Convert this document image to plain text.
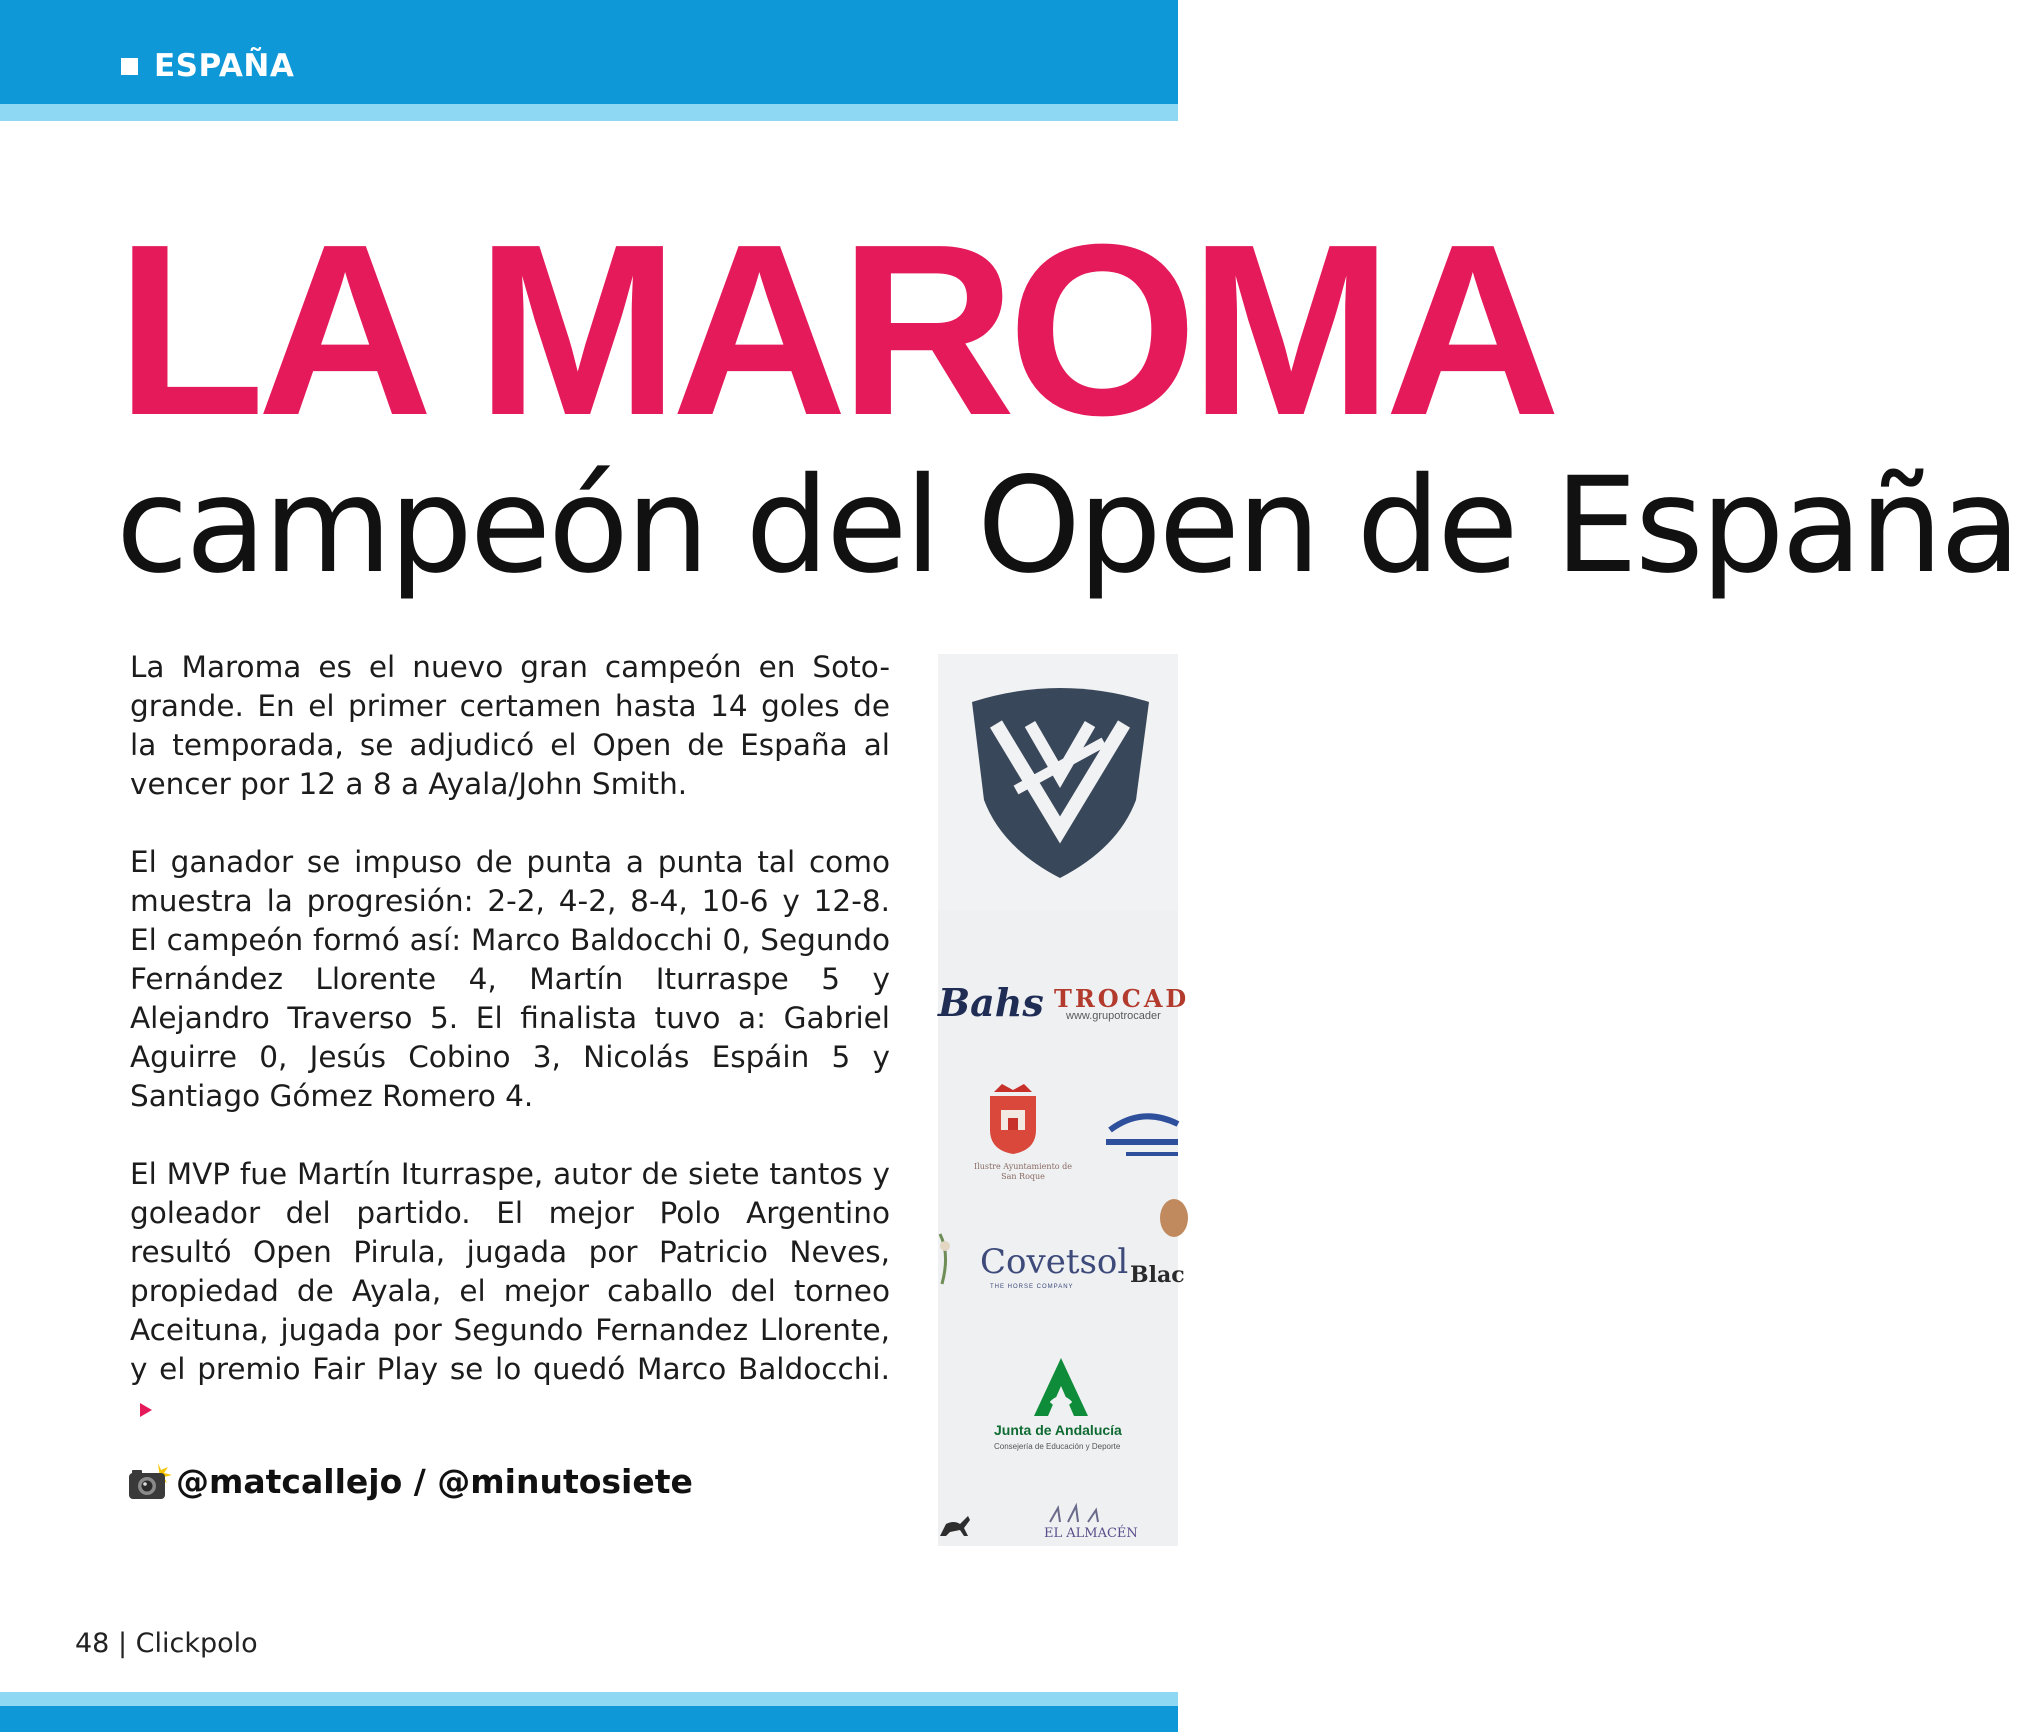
ESPAÑA
LA MAROMA
campeón del Open de España

La Maroma es el nuevo gran campeón en Soto-grande. En el primer certamen hasta 14 goles de la temporada, se adjudicó el Open de España al vencer por 12 a 8 a Ayala/John Smith.

El ganador se impuso de punta a punta tal como muestra la progresión: 2-2, 4-2, 8-4, 10-6 y 12-8. El campeón formó así: Marco Baldocchi 0, Segundo Fernández Llorente 4, Martín Iturraspe 5 y Alejandro Traverso 5. El finalista tuvo a: Gabriel Aguirre 0, Jesús Cobino 3, Nicolás Espáin 5 y Santiago Gómez Romero 4.

El MVP fue Martín Iturraspe, autor de siete tantos y goleador del partido. El mejor Polo Argentino resultó Open Pirula, jugada por Patricio Neves, propiedad de Ayala, el mejor caballo del torneo Aceituna, jugada por Segundo Fernandez Llorente, y el premio Fair Play se lo quedó Marco Baldocchi.

@matcallejo / @minutosiete
Bahs TROCAD
www.grupotrocader
Ilustre Ayuntamiento de San Roque
Covetsol
THE HORSE COMPANY	Blac
Junta de Andalucía
Consejería de Educación y Deporte
EL ALMACÉN
48 | Clickpolo
